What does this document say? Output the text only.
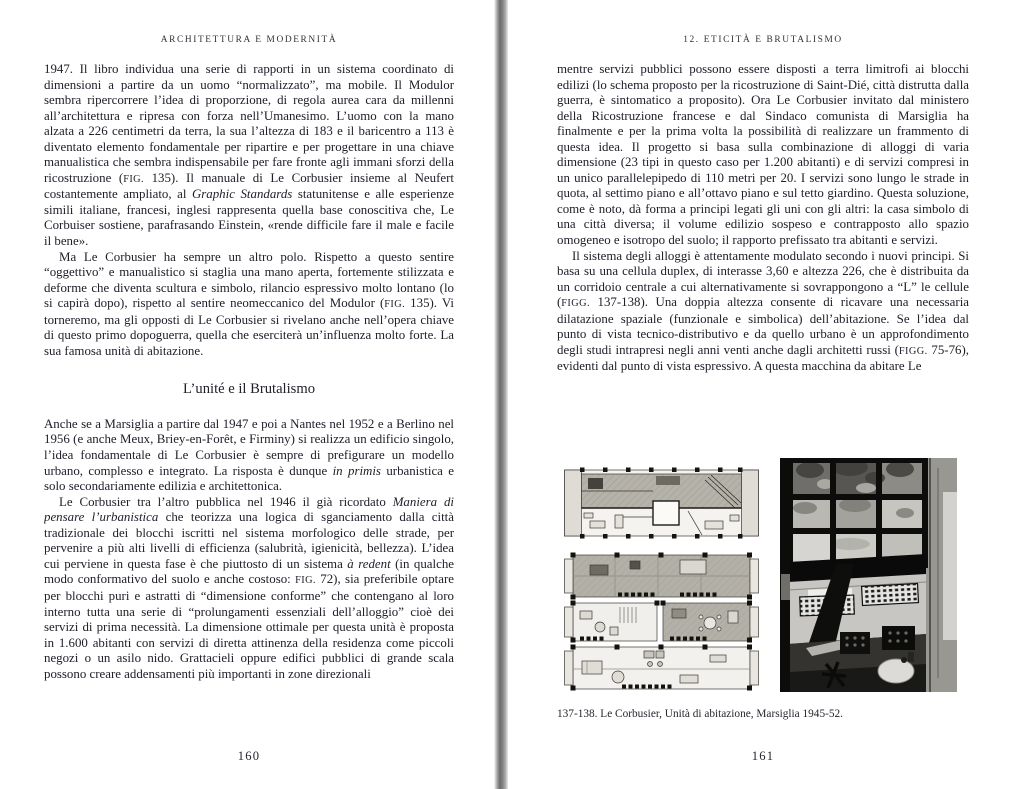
ARCHITETTURA E MODERNITÀ

1947. Il libro individua una serie di rapporti in un sistema coordinato di dimensioni a partire da un uomo “normalizzato”, ma mobile. Il Modulor sembra ripercorrere l’idea di proporzione, di regola aurea cara da millenni all’architettura e ripresa con forza nell’Umanesimo. L’uomo con la mano alzata a 226 centimetri da terra, la sua l’altezza di 183 e il baricentro a 113 è diventato elemento fondamentale per ripartire e per progettare in una chiave manualistica che sembra indispensabile per fare fronte agli immani sforzi della ricostruzione (FIG. 135). Il manuale di Le Corbusier insieme al Neufert costantemente ampliato, al Graphic Standards statunitense e alle esperienze simili italiane, francesi, inglesi rappresenta quella base conoscitiva che, Le Corbuiser sostiene, parafrasando Einstein, «rende difficile fare il male e facile il bene».

Ma Le Corbusier ha sempre un altro polo. Rispetto a questo sentire “oggettivo” e manualistico si staglia una mano aperta, fortemente stilizzata e deforme che diventa scultura e simbolo, rilancio espressivo molto lontano (lo si capirà dopo), rispetto al sentire neomeccanico del Modulor (FIG. 135). Vi torneremo, ma gli opposti di Le Corbusier si rivelano anche nell’opera chiave di questo primo dopoguerra, quella che eserciterà un’influenza molto forte. La sua famosa unità di abitazione.

L’unité e il Brutalismo

Anche se a Marsiglia a partire dal 1947 e poi a Nantes nel 1952 e a Berlino nel 1956 (e anche Meux, Briey-en-Forêt, e Firminy) si realizza un edificio singolo, l’idea fondamentale di Le Corbusier è sempre di prefigurare un modello urbano, complesso e integrato. La risposta è dunque in primis urbanistica e solo secondariamente edilizia e architettonica.

Le Corbusier tra l’altro pubblica nel 1946 il già ricordato Maniera di pensare l’urbanistica che teorizza una logica di sganciamento dalla città tradizionale dei blocchi iscritti nel sistema morfologico delle strade, per pervenire a più alti livelli di efficienza (salubrità, igienicità, bellezza). L’idea cui perviene in questa fase è che piuttosto di un sistema à redent (in qualche modo conformativo del suolo e anche costoso: FIG. 72), sia preferibile optare per blocchi puri e astratti di “dimensione conforme” che contengano al loro interno tutta una serie di “prolungamenti essenziali dell’alloggio” cioè dei servizi di prima necessità. La dimensione ottimale per questa unità è proposta in 1.600 abitanti con servizi di diretta attinenza della residenza come piccoli negozi o un asilo nido. Grattacieli oppure edifici pubblici di grande scala possono creare addensamenti più importanti in zone direzionali

160
12. ETICITÀ E BRUTALISMO

mentre servizi pubblici possono essere disposti a terra limitrofi ai blocchi edilizi (lo schema proposto per la ricostruzione di Saint-Dié, città distrutta dalla guerra, è sintomatico a proposito). Ora Le Corbusier invitato dal ministero della Ricostruzione francese e dal Sindaco comunista di Marsiglia ha finalmente e per la prima volta la possibilità di realizzare un frammento di questa idea. Il progetto si basa sulla combinazione di alloggi di varia dimensione (23 tipi in questo caso per 1.200 abitanti) e di servizi compresi in un unico parallelepipedo di 110 metri per 20. I servizi sono lungo le strade in quota, al settimo piano e all’ottavo piano e sul tetto giardino. Questa soluzione, come è noto, dà forma a principi legati gli uni con gli altri: la casa simbolo di una città diversa; il volume edilizio sospeso e contrapposto allo spazio omogeneo e isotropo del suolo; il rapporto prefissato tra abitanti e servizi.

Il sistema degli alloggi è attentamente modulato secondo i nuovi principi. Si basa su una cellula duplex, di interasse 3,60 e altezza 226, che è distribuita da un corridoio centrale a cui alternativamente si sovrappongono a “L” le cellule (FIGG. 137-138). Una doppia altezza consente di ricavare una necessaria dilatazione spaziale (funzionale e simbolica) dell’abitazione. Se l’idea dal punto di vista tecnico-distributivo e da quello urbano è un approfondimento degli studi intrapresi negli anni venti anche dagli architetti russi (FIGG. 75-76), evidenti dal punto di vista espressivo. A questa macchina da abitare Le

137-138. Le Corbusier, Unità di abitazione, Marsiglia 1945-52.
161
